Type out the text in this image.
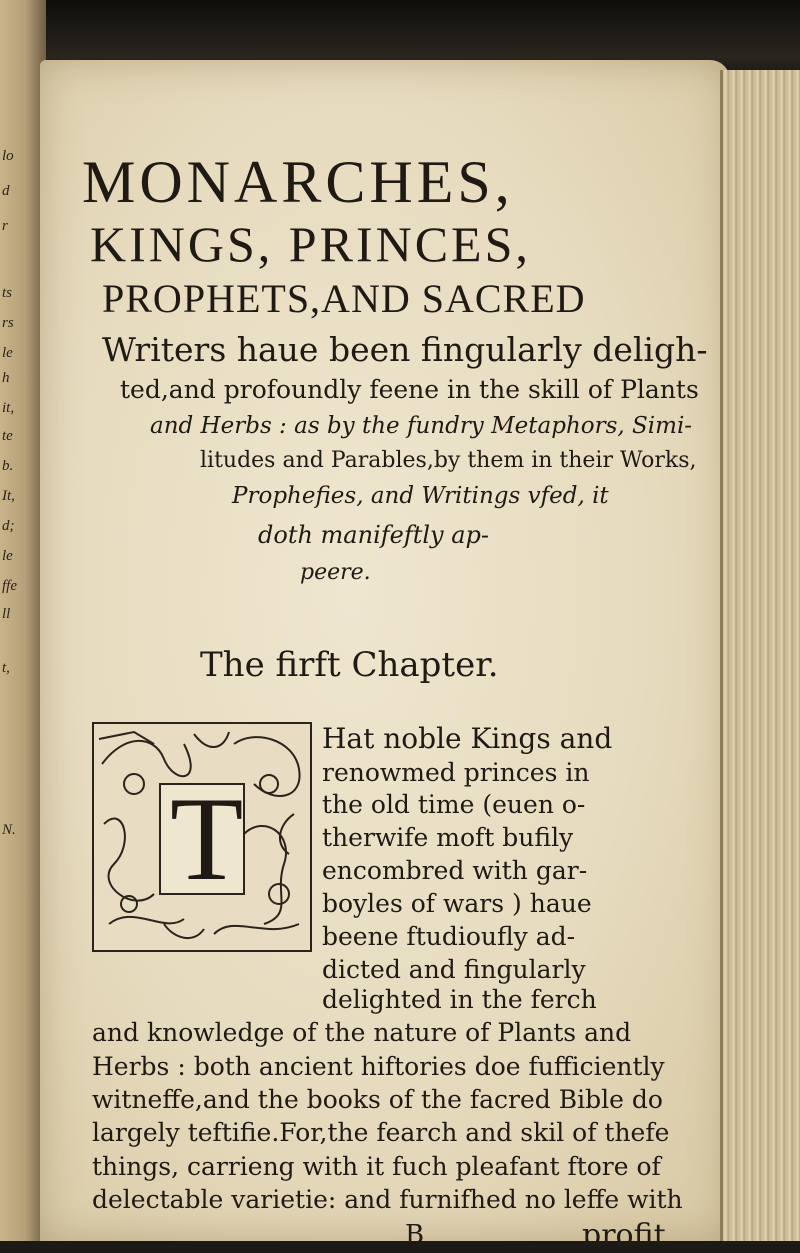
lo
d
r
ts
rs
le
h
it,
te
b.
It,
d;
le
ffe
ll
t,
N.

MONARCHES,

KINGS, PRINCES,

PROPHETS,AND SACRED

Writers haue been fingularly deligh-

ted,and profoundly feene in the skill of Plants

and Herbs : as by the fundry Metaphors, Simi-

litudes and Parables,by them in their Works,

Prophefies, and Writings vfed, it

doth manifeftly ap-

peere.

The firft Chapter.

T

Hat noble Kings and

renowmed princes in

the old time (euen o-

therwife moft bufily

encombred with gar-

boyles of wars ) haue

beene ftudioufly ad-

dicted and fingularly

delighted in the ferch

and knowledge of the nature of Plants and

Herbs : both ancient hiftories doe fufficiently

witneffe,and the books of the facred Bible do

largely teftifie.For,the fearch and skil of thefe

things, carrieng with it fuch pleafant ftore of

delectable varietie: and furnifhed no leffe with

B	profit
